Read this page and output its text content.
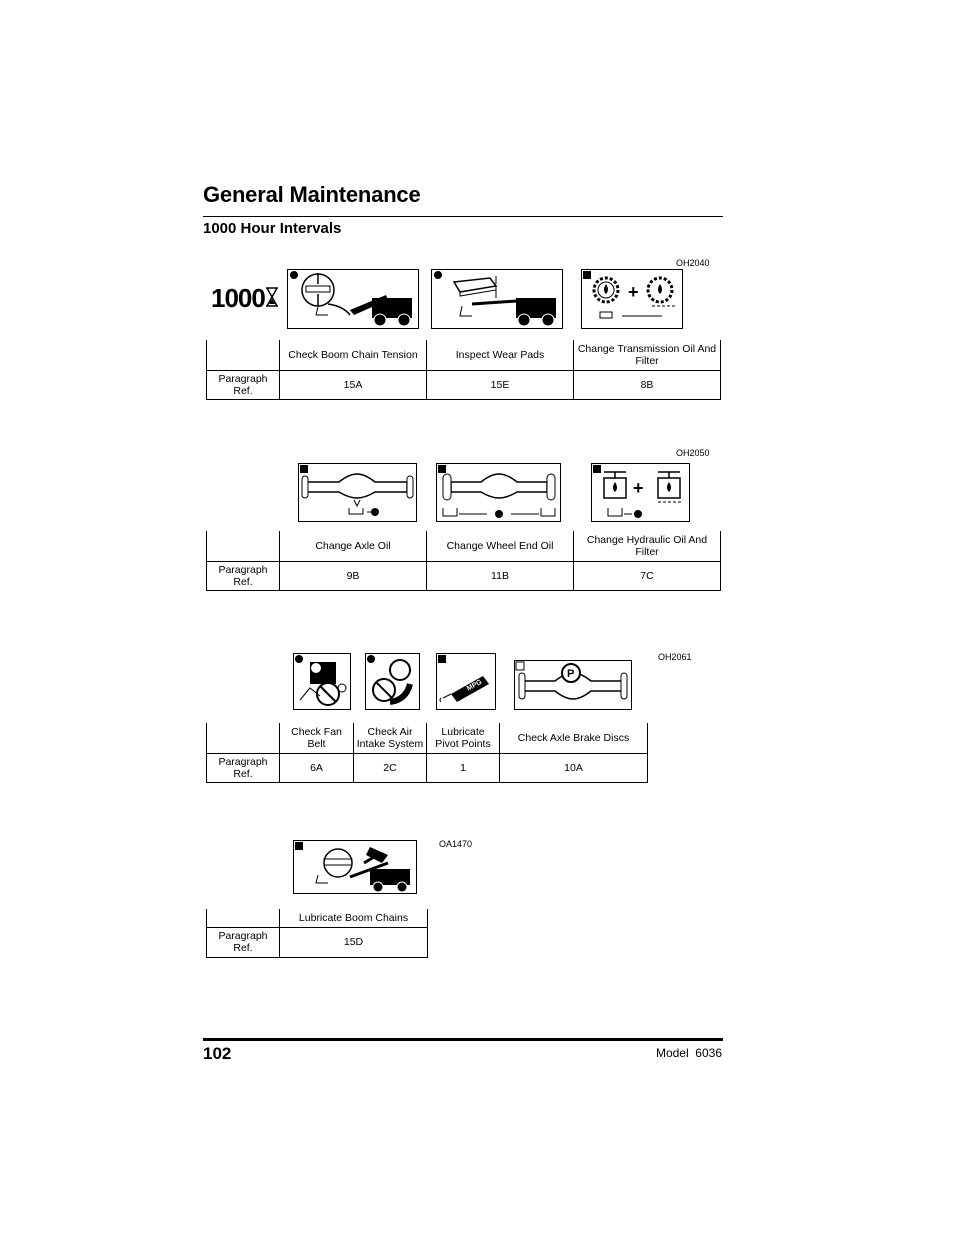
General Maintenance
1000 Hour Intervals
OH2040
1000	+
	Check Boom Chain Tension	Inspect Wear Pads	Change Transmission Oil And Filter
Paragraph Ref.	15A	15E	8B
OH2050
+
	Change Axle Oil	Change Wheel End Oil	Change Hydraulic Oil And Filter
Paragraph Ref.	9B	11B	7C
OH2061
MPG
P
	Check Fan Belt	Check Air Intake System	Lubricate Pivot Points	Check Axle Brake Discs
Paragraph Ref.	6A	2C	1	10A
OA1470
	Lubricate Boom Chains
Paragraph Ref.	15D
102	Model  6036
